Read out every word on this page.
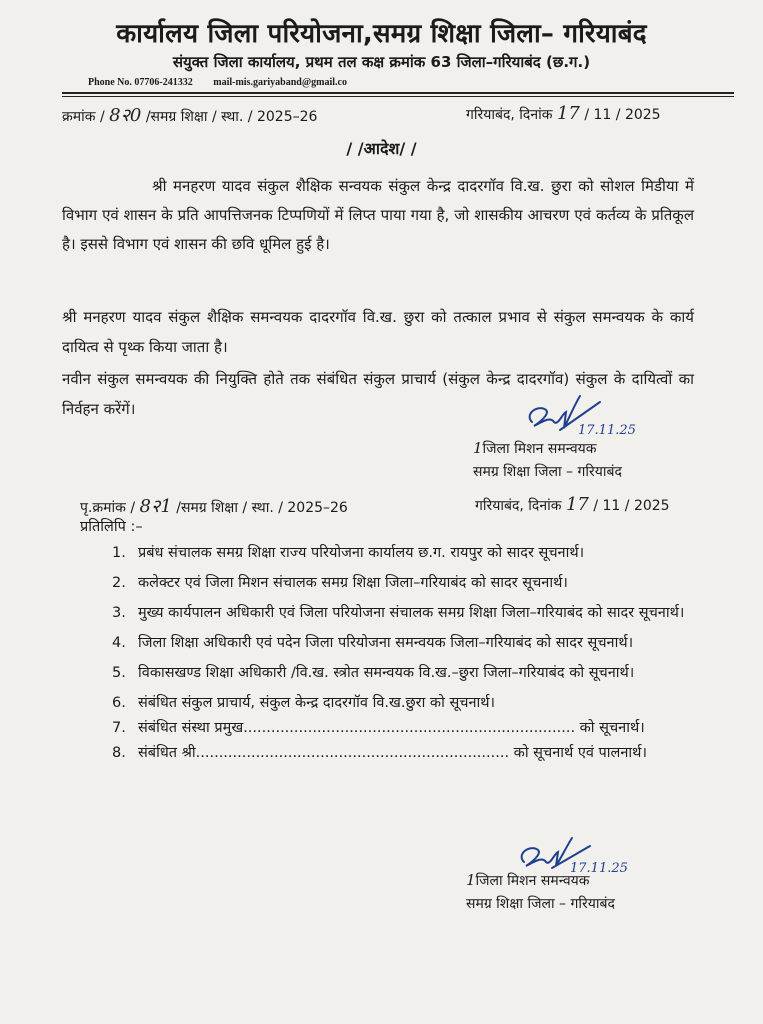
कार्यालय जिला परियोजना,समग्र शिक्षा जिला– गरियाबंद
संयुक्त जिला कार्यालय, प्रथम तल कक्ष क्रमांक 63 जिला–गरियाबंद (छ.ग.)
Phone No. 07706-241332 mail-mis.gariyaband@gmail.co
क्रमांक / 8२0 /समग्र शिक्षा / स्था. / 2025–26	गरियाबंद, दिनांक 17 / 11 / 2025
/ /आदेश/ /
श्री मनहरण यादव संकुल शैक्षिक सन्वयक संकुल केन्द्र दादरगॉव वि.ख. छुरा को सोशल मिडीया में विभाग एवं शासन के प्रति आपत्तिजनक टिप्पणियों में लिप्त पाया गया है, जो शासकीय आचरण एवं कर्तव्य के प्रतिकूल है। इससे विभाग एवं शासन की छवि धूमिल हुई है।
श्री मनहरण यादव संकुल शैक्षिक समन्वयक दादरगॉव वि.ख. छुरा को तत्काल प्रभाव से संकुल समन्वयक के कार्य दायित्व से पृथ्क किया जाता है।
नवीन संकुल समन्वयक की नियुक्ति होते तक संबंधित संकुल प्राचार्य (संकुल केन्द्र दादरगॉव) संकुल के दायित्वों का निर्वहन करेंगें।
17.11.25
1जिला मिशन समन्वयक
समग्र शिक्षा जिला – गरियाबंद
पृ.क्रमांक / 8२1 /समग्र शिक्षा / स्था. / 2025–26	गरियाबंद, दिनांक 17 / 11 / 2025
प्रतिलिपि :–
1. प्रबंध संचालक समग्र शिक्षा राज्य परियोजना कार्यालय छ.ग. रायपुर को सादर सूचनार्थ।
2. कलेक्टर एवं जिला मिशन संचालक समग्र शिक्षा जिला–गरियाबंद को सादर सूचनार्थ।
3. मुख्य कार्यपालन अधिकारी एवं जिला परियोजना संचालक समग्र शिक्षा जिला–गरियाबंद को सादर सूचनार्थ।
4. जिला शिक्षा अधिकारी एवं पदेन जिला परियोजना समन्वयक जिला–गरियाबंद को सादर सूचनार्थ।
5. विकासखण्ड शिक्षा अधिकारी /वि.ख. स्त्रोत समन्वयक वि.ख.–छुरा जिला–गरियाबंद को सूचनार्थ।
6. संबंधित संकुल प्राचार्य, संकुल केन्द्र दादरगॉव वि.ख.छुरा को सूचनार्थ।
7. संबंधित संस्था प्रमुख........................................................................ को सूचनार्थ।
8. संबंधित श्री.................................................................... को सूचनार्थ एवं पालनार्थ।
17.11.25
1जिला मिशन समन्वयक
समग्र शिक्षा जिला – गरियाबंद
